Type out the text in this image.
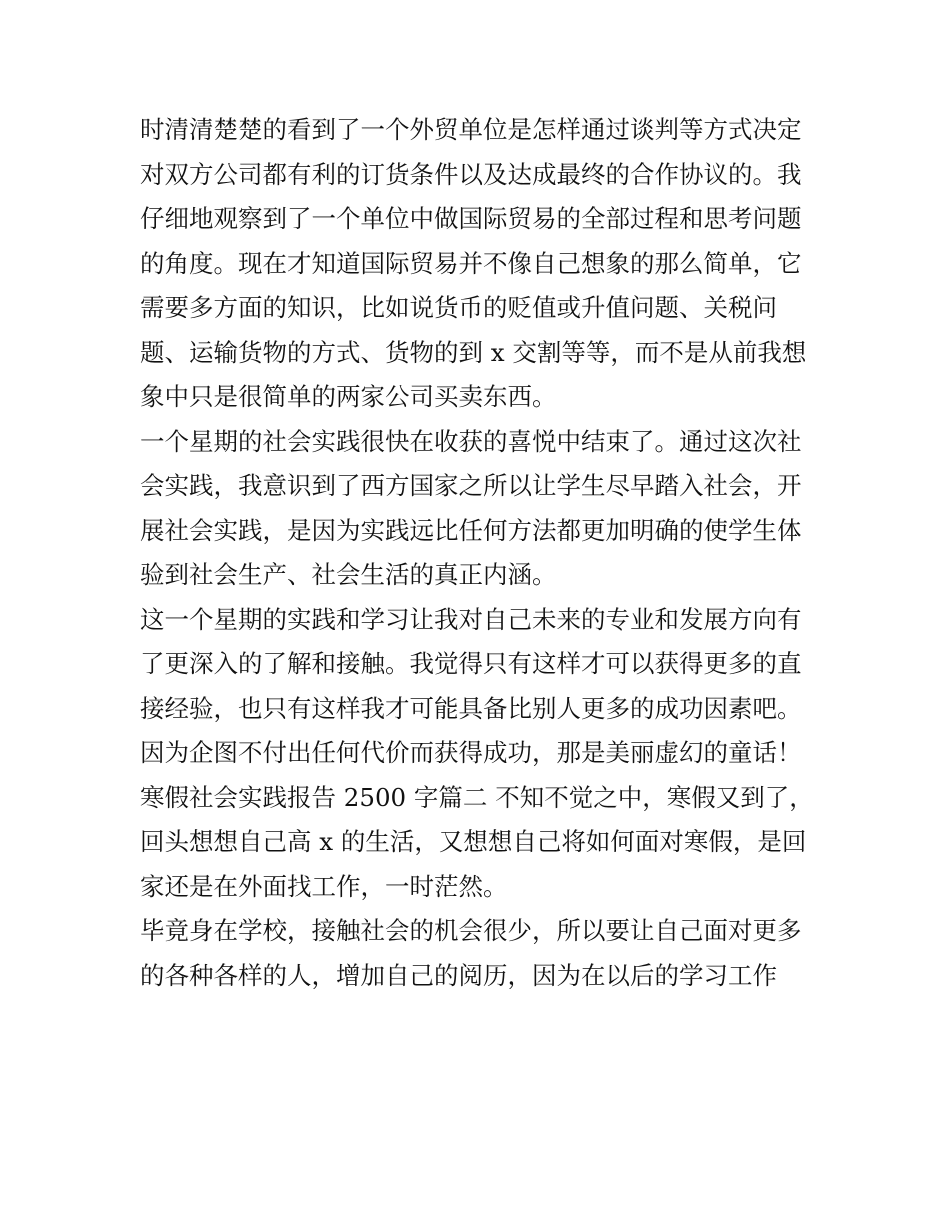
时清清楚楚的看到了一个外贸单位是怎样通过谈判等方式决定
对双方公司都有利的订货条件以及达成最终的合作协议的。我
仔细地观察到了一个单位中做国际贸易的全部过程和思考问题
的角度。现在才知道国际贸易并不像自己想象的那么简单，它
需要多方面的知识，比如说货币的贬值或升值问题、关税问
题、运输货物的方式、货物的到 x 交割等等，而不是从前我想
象中只是很简单的两家公司买卖东西。
一个星期的社会实践很快在收获的喜悦中结束了。通过这次社
会实践，我意识到了西方国家之所以让学生尽早踏入社会，开
展社会实践，是因为实践远比任何方法都更加明确的使学生体
验到社会生产、社会生活的真正内涵。
这一个星期的实践和学习让我对自己未来的专业和发展方向有
了更深入的了解和接触。我觉得只有这样才可以获得更多的直
接经验，也只有这样我才可能具备比别人更多的成功因素吧。
因为企图不付出任何代价而获得成功，那是美丽虚幻的童话！
寒假社会实践报告 2500 字篇二 不知不觉之中，寒假又到了，
回头想想自己高 x 的生活，又想想自己将如何面对寒假，是回
家还是在外面找工作，一时茫然。
毕竟身在学校，接触社会的机会很少，所以要让自己面对更多
的各种各样的人，增加自己的阅历，因为在以后的学习工作
